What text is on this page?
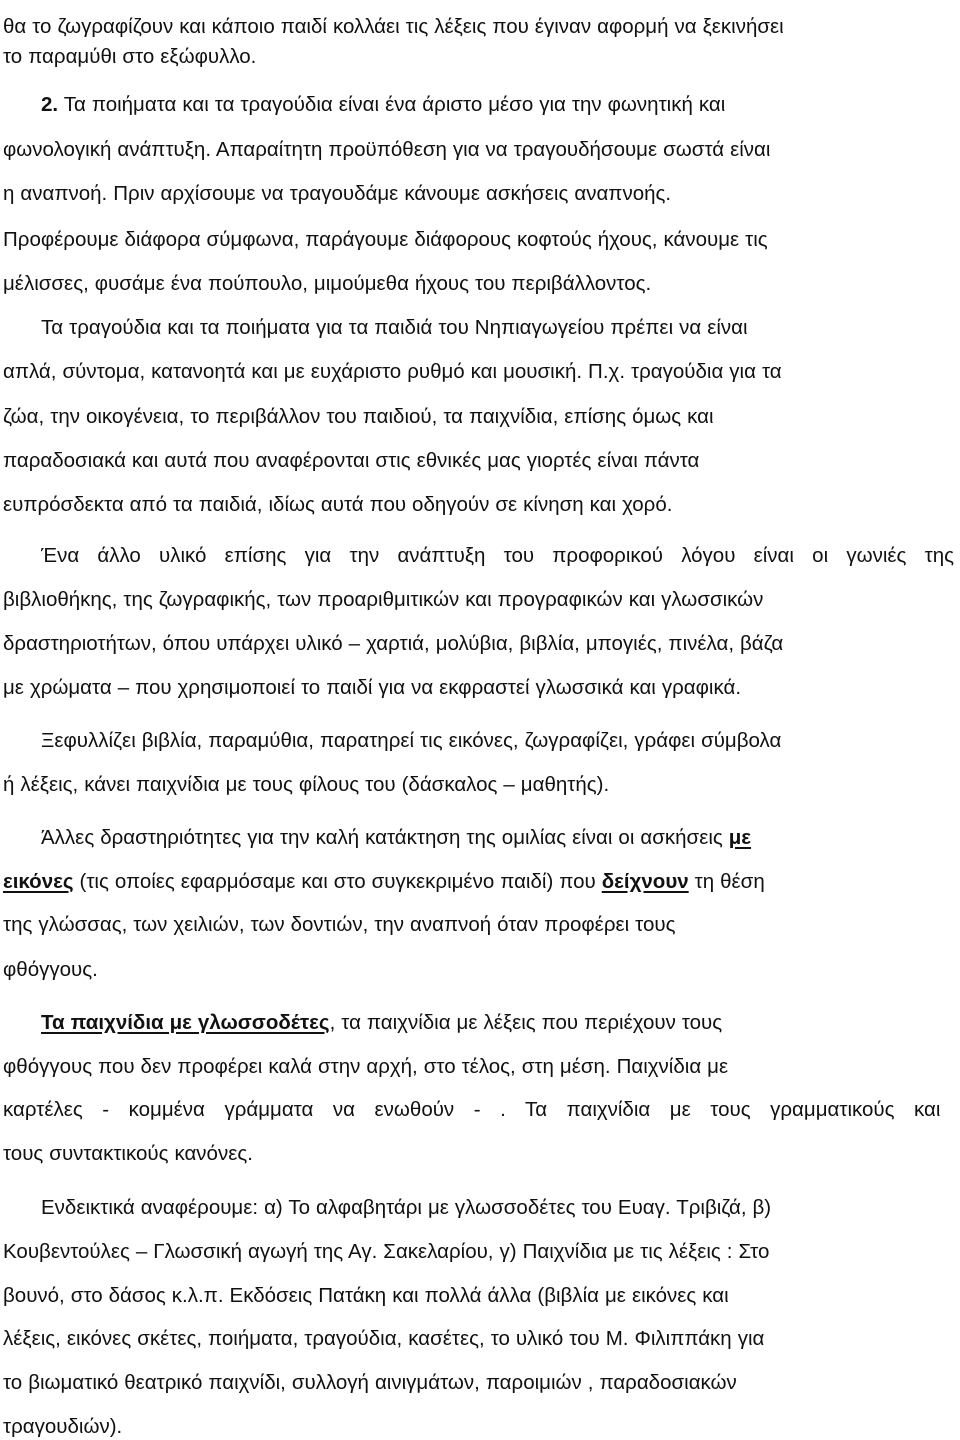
θα το ζωγραφίζουν και κάποιο παιδί κολλάει τις λέξεις που έγιναν αφορμή να ξεκινήσει
το παραμύθι στο εξώφυλλο.
2. Τα ποιήματα και τα τραγούδια είναι ένα άριστο μέσο για την φωνητική και
φωνολογική ανάπτυξη. Απαραίτητη προϋπόθεση για να τραγουδήσουμε σωστά είναι
η αναπνοή. Πριν αρχίσουμε να τραγουδάμε κάνουμε ασκήσεις αναπνοής.
Προφέρουμε διάφορα σύμφωνα, παράγουμε διάφορους κοφτούς ήχους, κάνουμε τις
μέλισσες, φυσάμε ένα πούπουλο, μιμούμεθα ήχους του περιβάλλοντος.
Τα τραγούδια και τα ποιήματα για τα παιδιά του Νηπιαγωγείου πρέπει να είναι
απλά, σύντομα, κατανοητά και με ευχάριστο ρυθμό και μουσική. Π.χ. τραγούδια για τα
ζώα, την οικογένεια, το περιβάλλον του παιδιού, τα παιχνίδια, επίσης όμως και
παραδοσιακά και αυτά που αναφέρονται στις εθνικές μας γιορτές είναι πάντα
ευπρόσδεκτα από τα παιδιά, ιδίως αυτά που οδηγούν σε κίνηση και χορό.
Ένα άλλο υλικό επίσης για την ανάπτυξη του προφορικού λόγου είναι οι γωνιές της
βιβλιοθήκης, της ζωγραφικής, των προαριθμιτικών και προγραφικών και γλωσσικών
δραστηριοτήτων, όπου υπάρχει υλικό – χαρτιά, μολύβια, βιβλία, μπογιές, πινέλα, βάζα
με χρώματα – που χρησιμοποιεί το παιδί για να εκφραστεί γλωσσικά και γραφικά.
Ξεφυλλίζει βιβλία, παραμύθια, παρατηρεί τις εικόνες, ζωγραφίζει, γράφει σύμβολα
ή λέξεις, κάνει παιχνίδια με τους φίλους του (δάσκαλος – μαθητής).
Άλλες δραστηριότητες για την καλή κατάκτηση της ομιλίας είναι οι ασκήσεις με
εικόνες (τις οποίες εφαρμόσαμε και στο συγκεκριμένο παιδί) που δείχνουν τη θέση
της γλώσσας, των χειλιών, των δοντιών, την αναπνοή όταν προφέρει τους
φθόγγους.
Τα παιχνίδια με γλωσσοδέτες, τα παιχνίδια με λέξεις που περιέχουν τους
φθόγγους που δεν προφέρει καλά στην αρχή, στο τέλος, στη μέση. Παιχνίδια με
καρτέλες - κομμένα γράμματα να ενωθούν - . Τα παιχνίδια με τους γραμματικούς και
τους συντακτικούς κανόνες.
Ενδεικτικά αναφέρουμε: α) Το αλφαβητάρι με γλωσσοδέτες του Ευαγ. Τριβιζά, β)
Κουβεντούλες – Γλωσσική αγωγή της Αγ. Σακελαρίου, γ) Παιχνίδια με τις λέξεις : Στο
βουνό, στο δάσος κ.λ.π. Εκδόσεις Πατάκη και πολλά άλλα (βιβλία με εικόνες και
λέξεις, εικόνες σκέτες, ποιήματα, τραγούδια, κασέτες, το υλικό του Μ. Φιλιππάκη για
το βιωματικό θεατρικό παιχνίδι, συλλογή αινιγμάτων, παροιμιών , παραδοσιακών
τραγουδιών).
